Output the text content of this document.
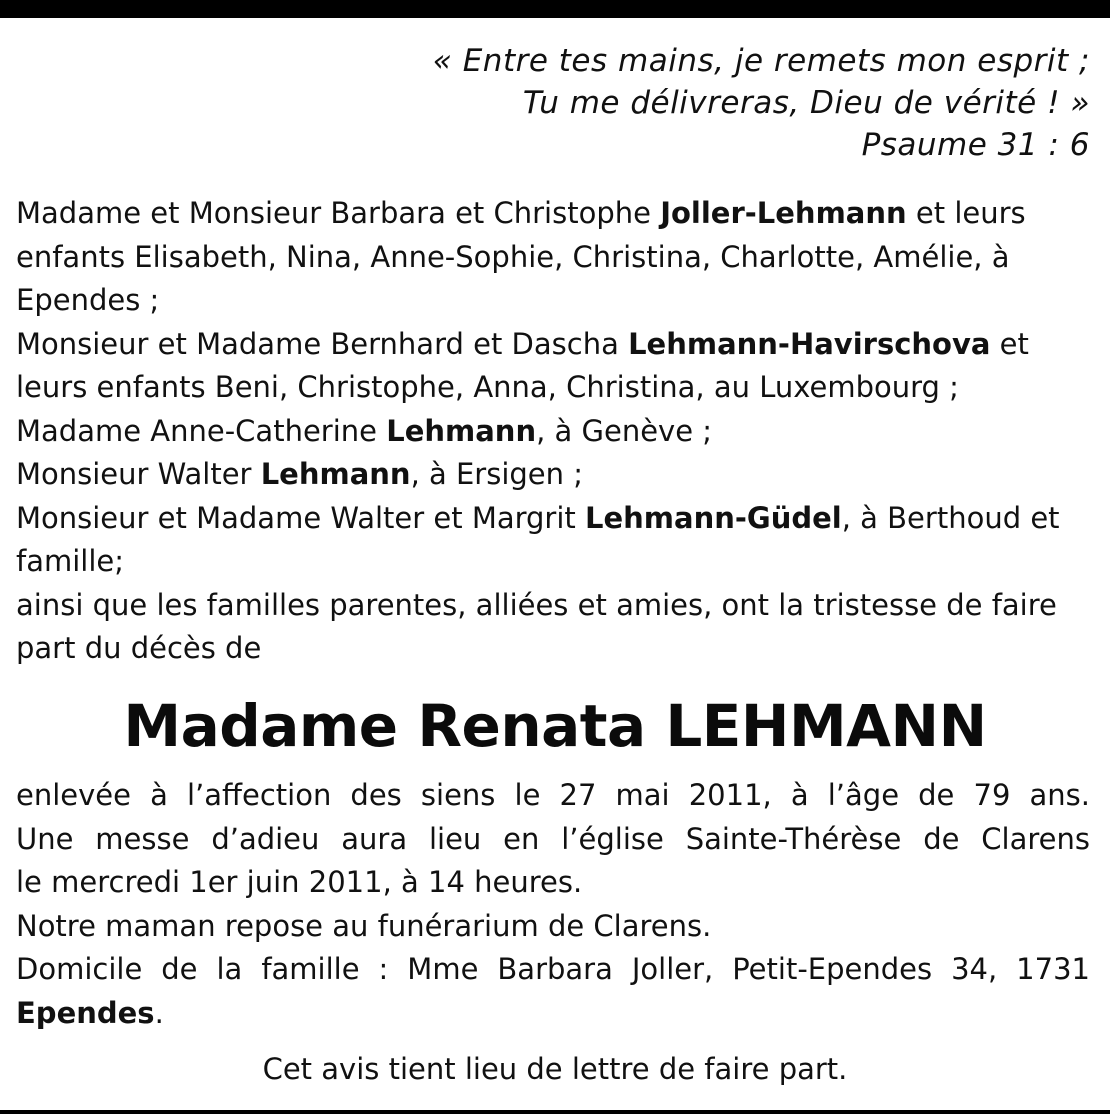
« Entre tes mains, je remets mon esprit ;
Tu me délivreras, Dieu de vérité ! »
Psaume 31 : 6

Madame et Monsieur Barbara et Christophe Joller-Lehmann et leurs enfants Elisabeth, Nina, Anne-Sophie, Christina, Charlotte, Amélie, à Ependes ;

Monsieur et Madame Bernhard et Dascha Lehmann-Havirschova et leurs enfants Beni, Christophe, Anna, Christina, au Luxembourg ;

Madame Anne-Catherine Lehmann, à Genève ;

Monsieur Walter Lehmann, à Ersigen ;

Monsieur et Madame Walter et Margrit Lehmann-Güdel, à Berthoud et famille;

ainsi que les familles parentes, alliées et amies, ont la tristesse de faire part du décès de

Madame Renata LEHMANN

enlevée à l’affection des siens le 27 mai 2011, à l’âge de 79 ans.

Une messe d’adieu aura lieu en l’église Sainte-Thérèse de Clarens

le mercredi 1er juin 2011, à 14 heures.

Notre maman repose au funérarium de Clarens.

Domicile de la famille : Mme Barbara Joller, Petit-Ependes 34, 1731

Ependes.

Cet avis tient lieu de lettre de faire part.
